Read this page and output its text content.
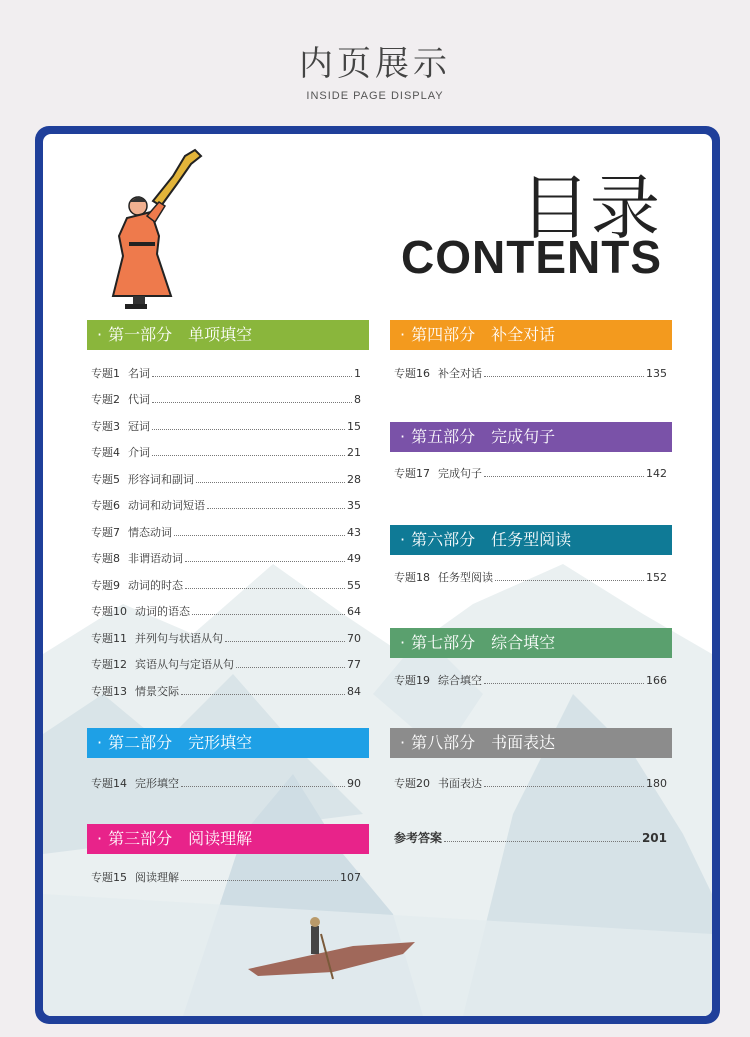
内页展示
INSIDE PAGE DISPLAY
目录
CONTENTS
· 第一部分 单项填空
专题1 名词	1
专题2 代词	8
专题3 冠词	15
专题4 介词	21
专题5 形容词和副词	28
专题6 动词和动词短语	35
专题7 情态动词	43
专题8 非谓语动词	49
专题9 动词的时态	55
专题10 动词的语态	64
专题11 并列句与状语从句	70
专题12 宾语从句与定语从句	77
专题13 情景交际	84
· 第二部分 完形填空
专题14 完形填空	90
· 第三部分 阅读理解
专题15 阅读理解	107
· 第四部分 补全对话
专题16 补全对话	135
· 第五部分 完成句子
专题17 完成句子	142
· 第六部分 任务型阅读
专题18 任务型阅读	152
· 第七部分 综合填空
专题19 综合填空	166
· 第八部分 书面表达
专题20 书面表达	180
参考答案	201
